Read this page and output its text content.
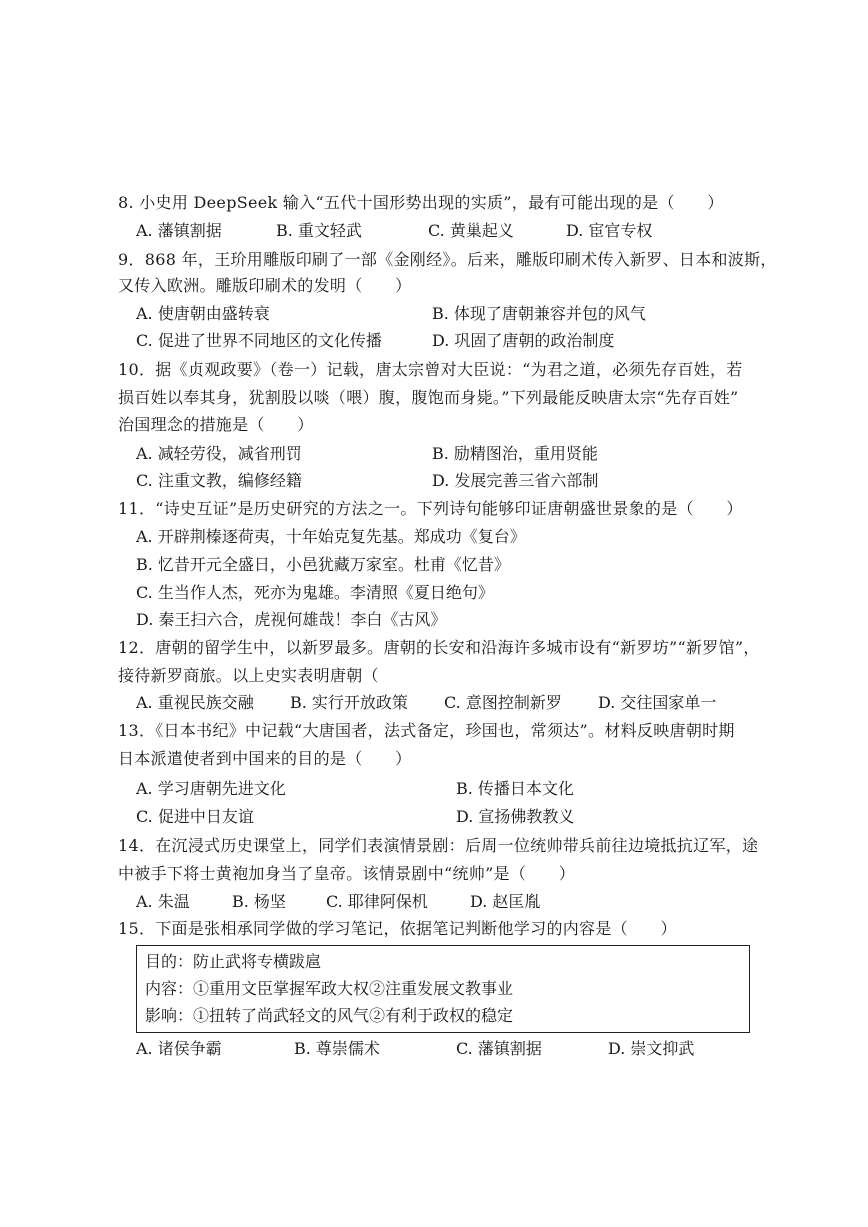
8. 小史用 DeepSeek 输入“五代十国形势出现的实质”，最有可能出现的是（　　）
A. 藩镇割据	B. 重文轻武	C. 黄巢起义	D. 宦官专权
9．868 年，王玠用雕版印刷了一部《金刚经》。后来，雕版印刷术传入新罗、日本和波斯，
又传入欧洲。雕版印刷术的发明（　　）
A. 使唐朝由盛转衰	B. 体现了唐朝兼容并包的风气
C. 促进了世界不同地区的文化传播	D. 巩固了唐朝的政治制度
10．据《贞观政要》（卷一）记载，唐太宗曾对大臣说：“为君之道，必须先存百姓，若
损百姓以奉其身，犹割股以啖（喂）腹，腹饱而身毙。”下列最能反映唐太宗“先存百姓”
治国理念的措施是（　　）
A. 减轻劳役，减省刑罚	B. 励精图治，重用贤能
C. 注重文教，编修经籍	D. 发展完善三省六部制
11．“诗史互证”是历史研究的方法之一。下列诗句能够印证唐朝盛世景象的是（　　）
A. 开辟荆榛逐荷夷，十年始克复先基。郑成功《复台》
B. 忆昔开元全盛日，小邑犹藏万家室。杜甫《忆昔》
C. 生当作人杰，死亦为鬼雄。李清照《夏日绝句》
D. 秦王扫六合，虎视何雄哉！李白《古风》
12．唐朝的留学生中，以新罗最多。唐朝的长安和沿海许多城市设有“新罗坊”“新罗馆”，
接待新罗商旅。以上史实表明唐朝（
A. 重视民族交融 B. 实行开放政策 C. 意图控制新罗 D. 交往国家单一
13．《日本书纪》中记载“大唐国者，法式备定，珍国也，常须达”。材料反映唐朝时期
日本派遣使者到中国来的目的是（　　）
A. 学习唐朝先进文化	B. 传播日本文化
C. 促进中日友谊	D. 宣扬佛教教义
14．在沉浸式历史课堂上，同学们表演情景剧：后周一位统帅带兵前往边境抵抗辽军，途
中被手下将士黄袍加身当了皇帝。该情景剧中“统帅”是（　　）
A. 朱温	B. 杨坚	C. 耶律阿保机	D. 赵匡胤
15．下面是张相承同学做的学习笔记，依据笔记判断他学习的内容是（　　）
目的：防止武将专横跋扈
内容：①重用文臣掌握军政大权②注重发展文教事业
影响：①扭转了尚武轻文的风气②有利于政权的稳定
A. 诸侯争霸	B. 尊崇儒术	C. 藩镇割据	D. 崇文抑武
